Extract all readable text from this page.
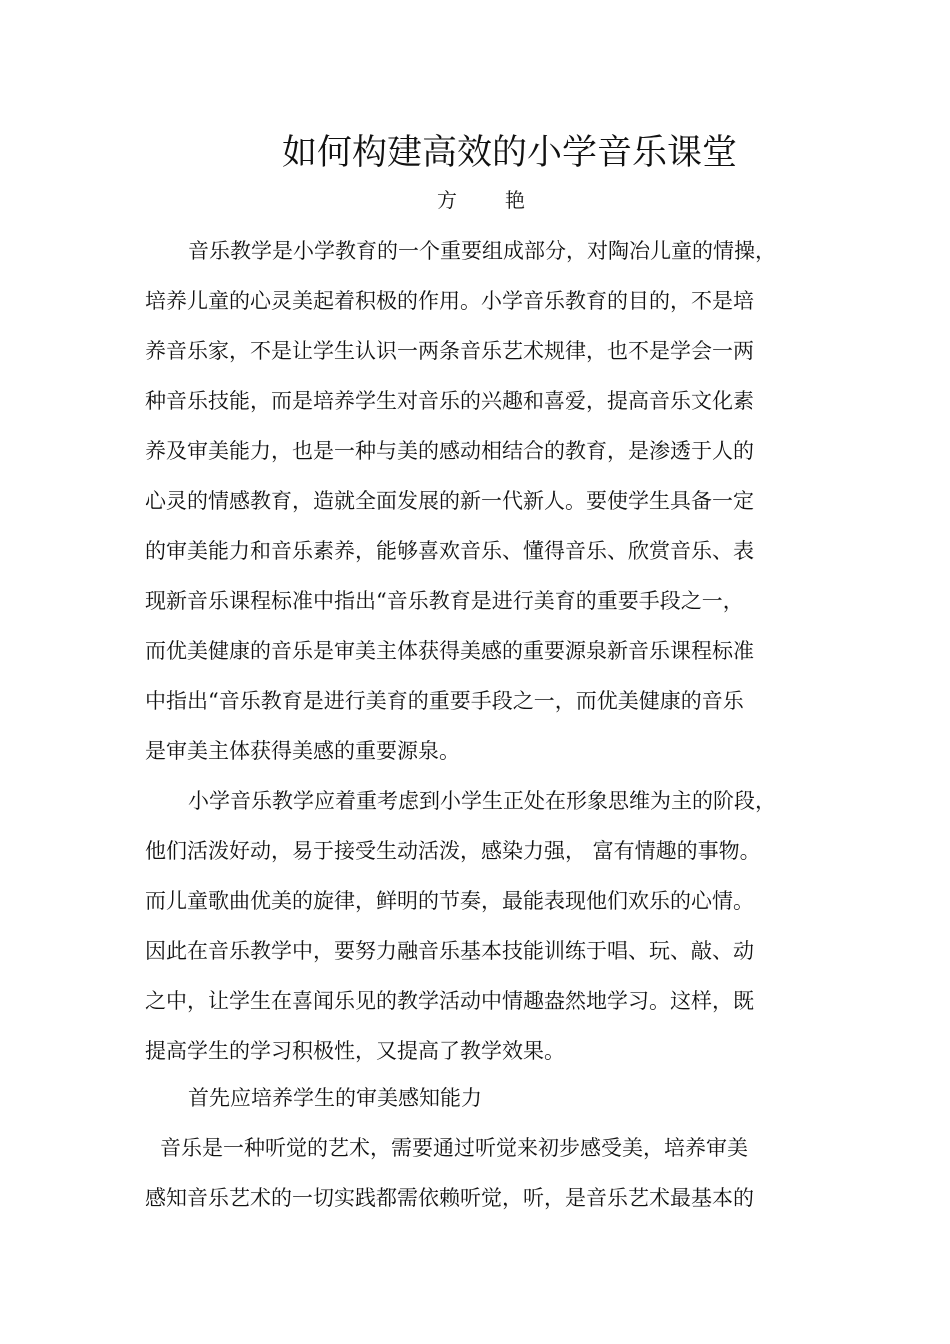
如何构建高效的小学音乐课堂
方 艳

音乐教学是小学教育的一个重要组成部分，对陶冶儿童的情操，

培养儿童的心灵美起着积极的作用。小学音乐教育的目的，不是培

养音乐家，不是让学生认识一两条音乐艺术规律，也不是学会一两

种音乐技能，而是培养学生对音乐的兴趣和喜爱，提高音乐文化素

养及审美能力，也是一种与美的感动相结合的教育，是渗透于人的

心灵的情感教育，造就全面发展的新一代新人。要使学生具备一定

的审美能力和音乐素养，能够喜欢音乐、懂得音乐、欣赏音乐、表

现新音乐课程标准中指出“音乐教育是进行美育的重要手段之一，

而优美健康的音乐是审美主体获得美感的重要源泉新音乐课程标准

中指出“音乐教育是进行美育的重要手段之一，而优美健康的音乐

是审美主体获得美感的重要源泉。

小学音乐教学应着重考虑到小学生正处在形象思维为主的阶段，

他们活泼好动，易于接受生动活泼，感染力强， 富有情趣的事物。

而儿童歌曲优美的旋律，鲜明的节奏，最能表现他们欢乐的心情。

因此在音乐教学中，要努力融音乐基本技能训练于唱、玩、敲、动

之中，让学生在喜闻乐见的教学活动中情趣盎然地学习。这样，既

提高学生的学习积极性，又提高了教学效果。

首先应培养学生的审美感知能力

音乐是一种听觉的艺术，需要通过听觉来初步感受美，培养审美

感知音乐艺术的一切实践都需依赖听觉，听，是音乐艺术最基本的
